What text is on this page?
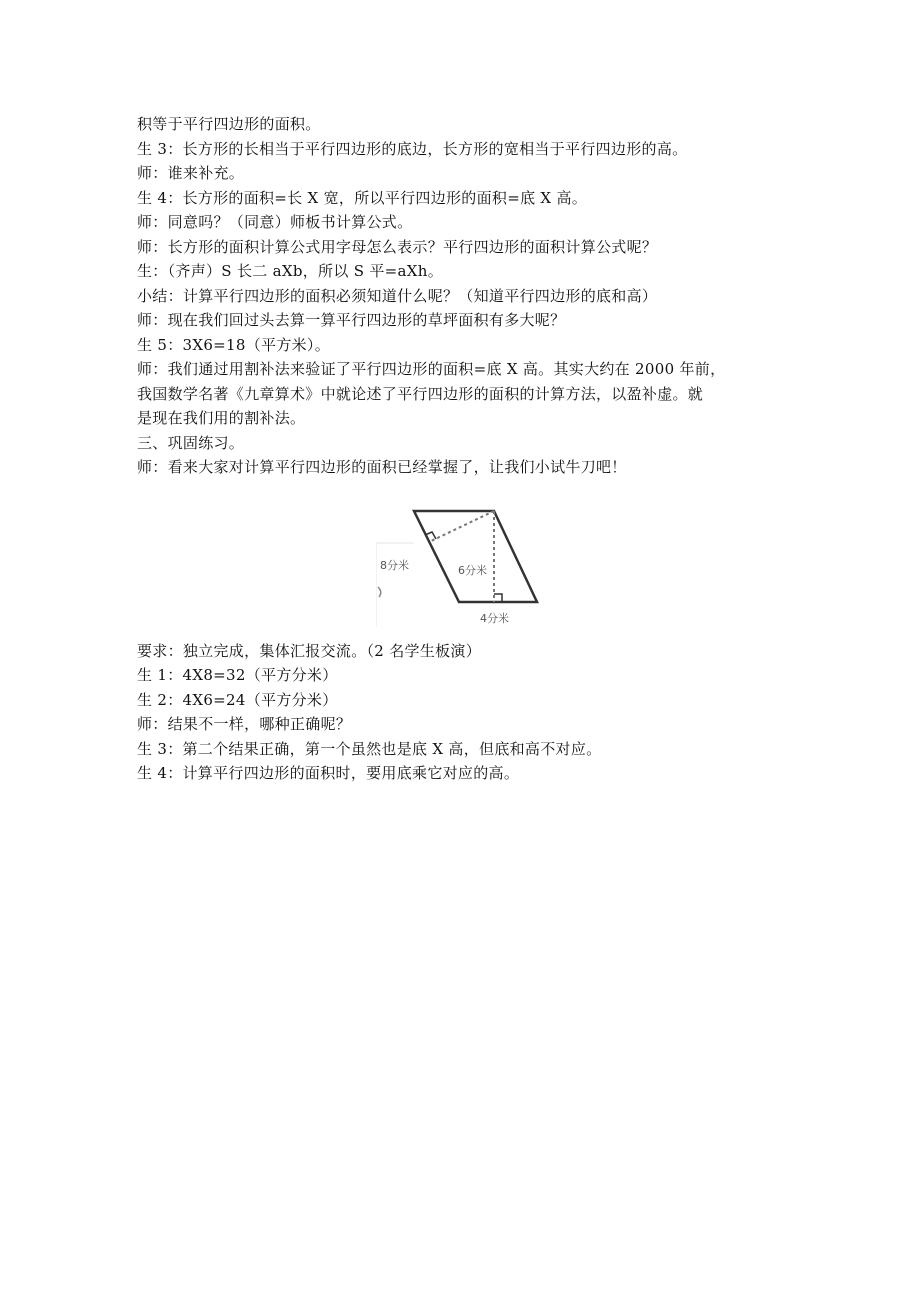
积等于平行四边形的面积。
生 3：长方形的长相当于平行四边形的底边，长方形的宽相当于平行四边形的高。
师：谁来补充。
生 4：长方形的面积=长 X 宽，所以平行四边形的面积=底 X 高。
师：同意吗？（同意）师板书计算公式。
师：长方形的面积计算公式用字母怎么表示？平行四边形的面积计算公式呢？
生：（齐声）S 长二 aXb，所以 S 平=aXh。
小结：计算平行四边形的面积必须知道什么呢？（知道平行四边形的底和高）
师：现在我们回过头去算一算平行四边形的草坪面积有多大呢？
生 5：3X6=18（平方米）。
师：我们通过用割补法来验证了平行四边形的面积=底 X 高。其实大约在 2000 年前，
我国数学名著《九章算术》中就论述了平行四边形的面积的计算方法，以盈补虚。就
是现在我们用的割补法。
三、巩固练习。
师：看来大家对计算平行四边形的面积已经掌握了，让我们小试牛刀吧！
8分米	6分米
4分米
要求：独立完成，集体汇报交流。（2 名学生板演）
生 1：4X8=32（平方分米）
生 2：4X6=24（平方分米）
师：结果不一样，哪种正确呢？
生 3：第二个结果正确，第一个虽然也是底 X 高，但底和高不对应。
生 4：计算平行四边形的面积时，要用底乘它对应的高。
